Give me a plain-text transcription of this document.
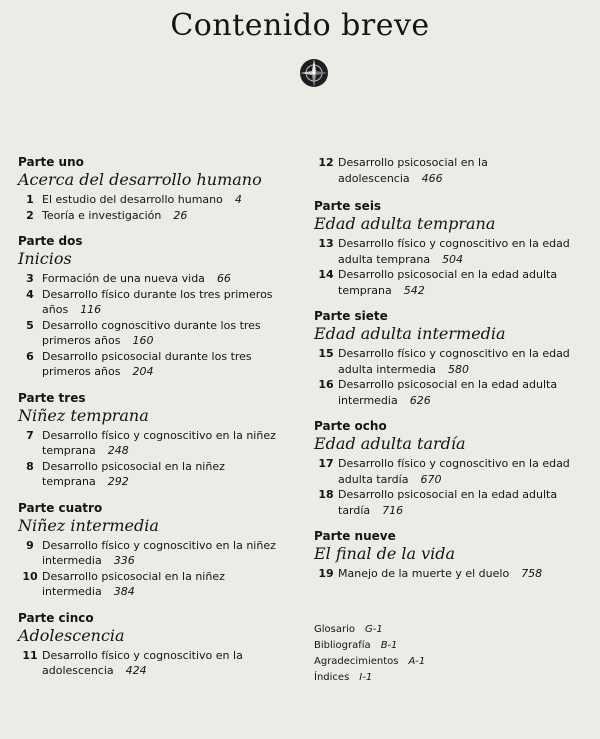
Contenido breve
Parte uno
Acerca del desarrollo humano
1 El estudio del desarrollo humano 4
2 Teoría e investigación 26
Parte dos
Inicios
3 Formación de una nueva vida 66
4 Desarrollo físico durante los tres primeros años 116
5 Desarrollo cognoscitivo durante los tres primeros años 160
6 Desarrollo psicosocial durante los tres primeros años 204
Parte tres
Niñez temprana
7 Desarrollo físico y cognoscitivo en la niñez temprana 248
8 Desarrollo psicosocial en la niñez temprana 292
Parte cuatro
Niñez intermedia
9 Desarrollo físico y cognoscitivo en la niñez intermedia 336
10 Desarrollo psicosocial en la niñez intermedia 384
Parte cinco
Adolescencia
11 Desarrollo físico y cognoscitivo en la adolescencia 424
12 Desarrollo psicosocial en la adolescencia 466
Parte seis
Edad adulta temprana
13 Desarrollo físico y cognoscitivo en la edad adulta temprana 504
14 Desarrollo psicosocial en la edad adulta temprana 542
Parte siete
Edad adulta intermedia
15 Desarrollo físico y cognoscitivo en la edad adulta intermedia 580
16 Desarrollo psicosocial en la edad adulta intermedia 626
Parte ocho
Edad adulta tardía
17 Desarrollo físico y cognoscitivo en la edad adulta tardía 670
18 Desarrollo psicosocial en la edad adulta tardía 716
Parte nueve
El final de la vida
19 Manejo de la muerte y el duelo 758
Glosario G-1
Bibliografía B-1
Agradecimientos A-1
Índices I-1
